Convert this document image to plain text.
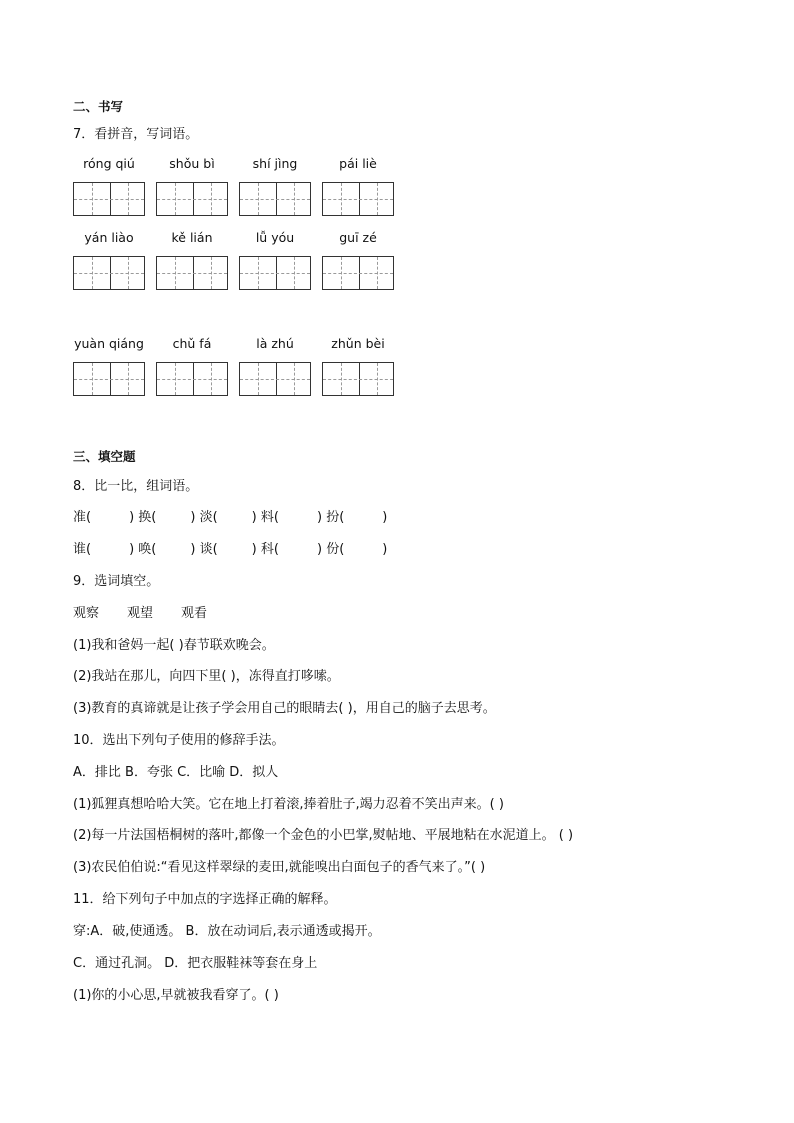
二、书写
7．看拼音，写词语。
róng qiú	shǒu bì	shí jìng	pái liè
yán liào	kě lián	lǚ yóu	guī zé
yuàn qiáng	chǔ fá	là zhú	zhǔn bèi
三、填空题
8．比一比，组词语。
准(	) 换(	) 淡(	) 料(	) 扮(	)
谁(	) 唤(	) 谈(	) 科(	) 份(	)
9．选词填空。
观察 观望 观看
(1)我和爸妈一起( )春节联欢晚会。
(2)我站在那儿，向四下里( )，冻得直打哆嗦。
(3)教育的真谛就是让孩子学会用自己的眼睛去( )，用自己的脑子去思考。
10．选出下列句子使用的修辞手法。
A．排比 B．夸张 C．比喻 D．拟人
(1)狐狸真想哈哈大笑。它在地上打着滚,捧着肚子,竭力忍着不笑出声来。( )
(2)每一片法国梧桐树的落叶,都像一个金色的小巴掌,熨帖地、平展地粘在水泥道上。 ( )
(3)农民伯伯说:“看见这样翠绿的麦田,就能嗅出白面包子的香气来了。”( )
11．给下列句子中加点的字选择正确的解释。
穿:A．破,使通透。 B．放在动词后,表示通透或揭开。
C．通过孔洞。 D．把衣服鞋袜等套在身上
(1)你的小心思,早就被我看穿了。( )
